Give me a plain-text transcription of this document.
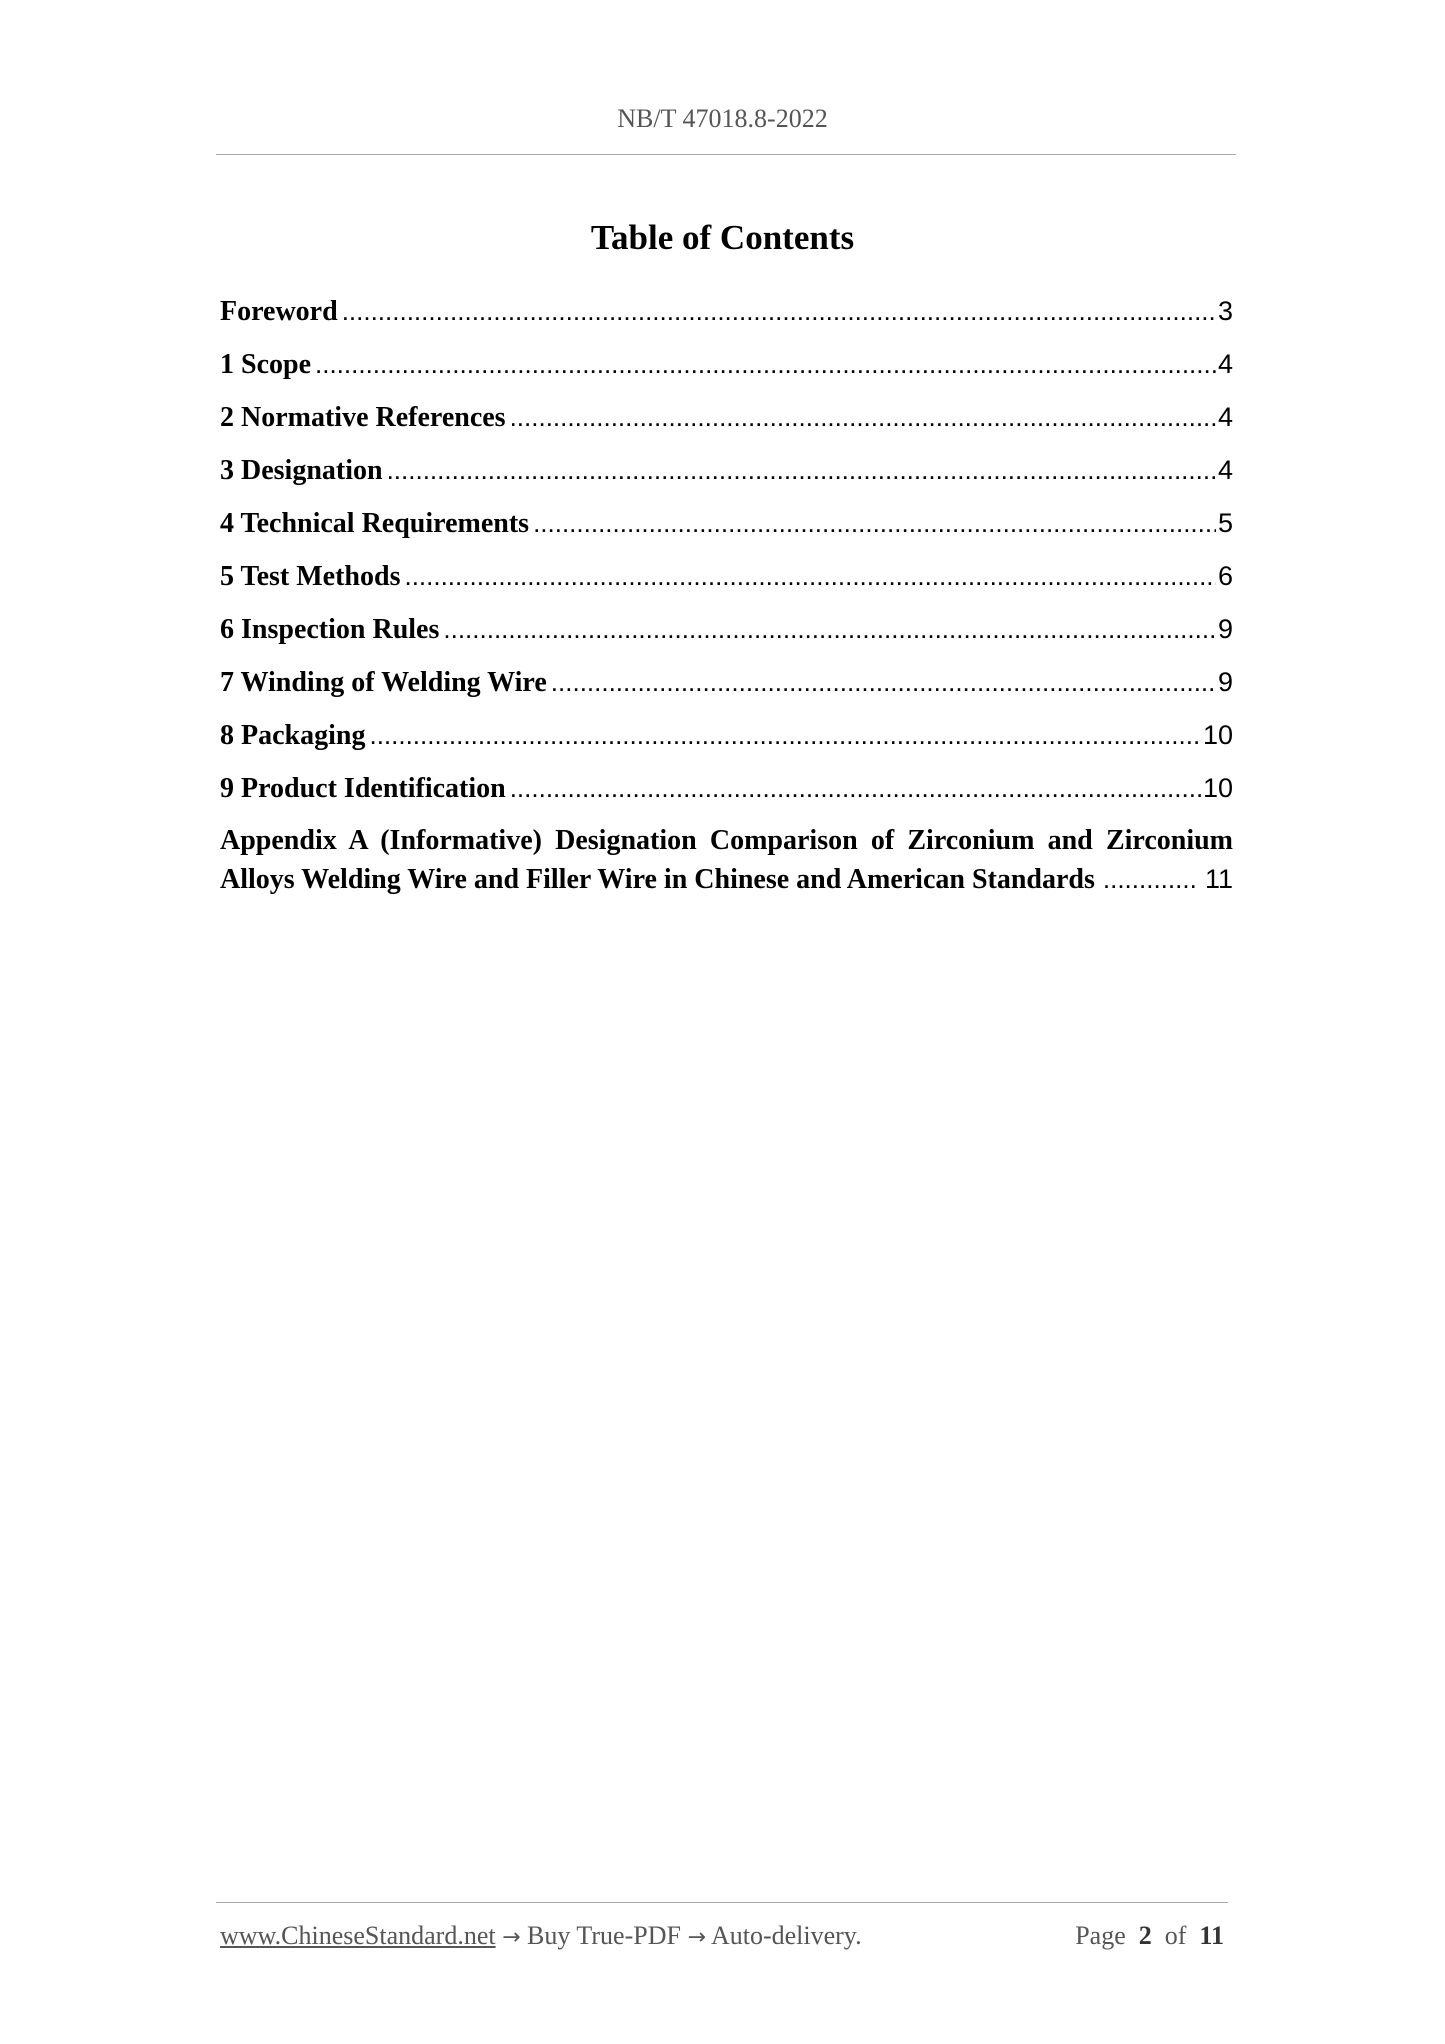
NB/T 47018.8-2022
Table of Contents
Foreword .....	3
1 Scope .....	4
2 Normative References .....	4
3 Designation .....	4
4 Technical Requirements .....	5
5 Test Methods .....	6
6 Inspection Rules .....	9
7 Winding of Welding Wire .....	9
8 Packaging .....	10
9 Product Identification .....	10
Appendix A (Informative) Designation Comparison of Zirconium and Zirconium
Alloys Welding Wire and Filler Wire in Chinese and American Standards .....	11
www.ChineseStandard.net → Buy True-PDF → Auto-delivery.	Page 2 of 11
